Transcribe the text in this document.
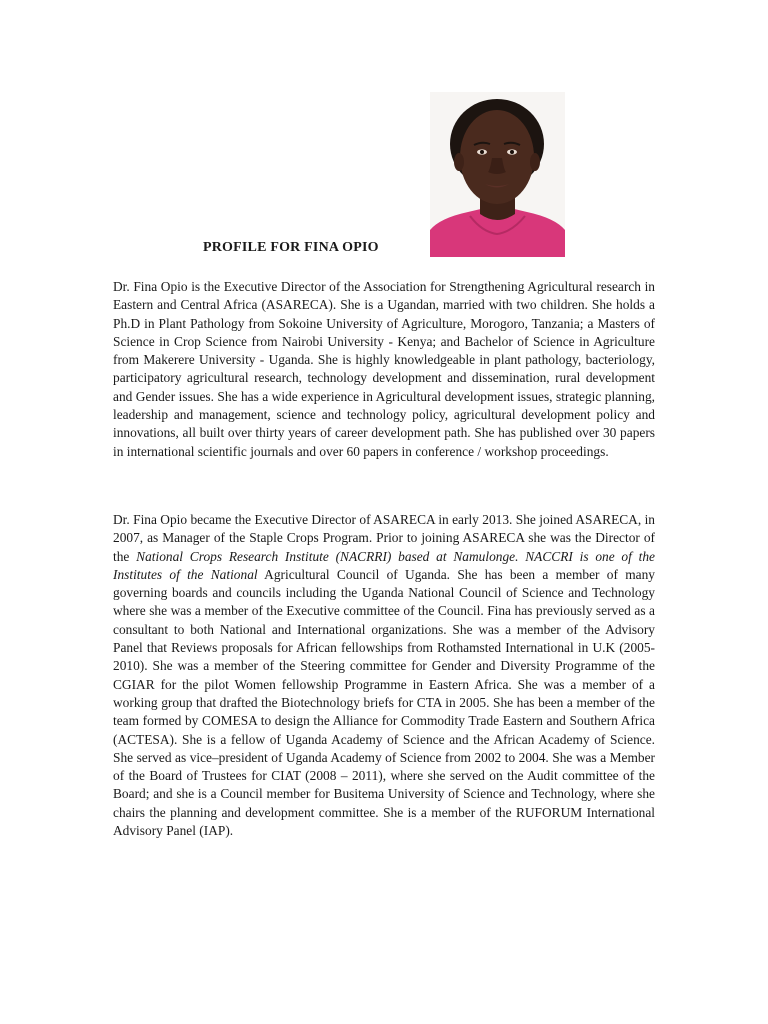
PROFILE FOR FINA OPIO

Dr. Fina Opio is the Executive Director of the Association for Strengthening Agricultural research in Eastern and Central Africa (ASARECA). She is a Ugandan, married with two children. She holds a Ph.D in Plant Pathology from Sokoine University of Agriculture, Morogoro, Tanzania; a Masters of Science in Crop Science from Nairobi University - Kenya; and Bachelor of Science in Agriculture from Makerere University - Uganda. She is highly knowledgeable in plant pathology, bacteriology, participatory agricultural research, technology development and dissemination, rural development and Gender issues. She has a wide experience in Agricultural development issues, strategic planning, leadership and management, science and technology policy, agricultural development policy and innovations, all built over thirty years of career development path. She has published over 30 papers in international scientific journals and over 60 papers in conference / workshop proceedings.

Dr. Fina Opio became the Executive Director of ASARECA in early 2013. She joined ASARECA, in 2007, as Manager of the Staple Crops Program. Prior to joining ASARECA she was the Director of the National Crops Research Institute (NACRRI) based at Namulonge. NACCRI is one of the Institutes of the National Agricultural Council of Uganda. She has been a member of many governing boards and councils including the Uganda National Council of Science and Technology where she was a member of the Executive committee of the Council. Fina has previously served as a consultant to both National and International organizations. She was a member of the Advisory Panel that Reviews proposals for African fellowships from Rothamsted International in U.K (2005- 2010). She was a member of the Steering committee for Gender and Diversity Programme of the CGIAR for the pilot Women fellowship Programme in Eastern Africa. She was a member of a working group that drafted the Biotechnology briefs for CTA in 2005. She has been a member of the team formed by COMESA to design the Alliance for Commodity Trade Eastern and Southern Africa (ACTESA). She is a fellow of Uganda Academy of Science and the African Academy of Science. She served as vice–president of Uganda Academy of Science from 2002 to 2004. She was a Member of the Board of Trustees for CIAT (2008 – 2011), where she served on the Audit committee of the Board; and she is a Council member for Busitema University of Science and Technology, where she chairs the planning and development committee. She is a member of the RUFORUM International Advisory Panel (IAP).
